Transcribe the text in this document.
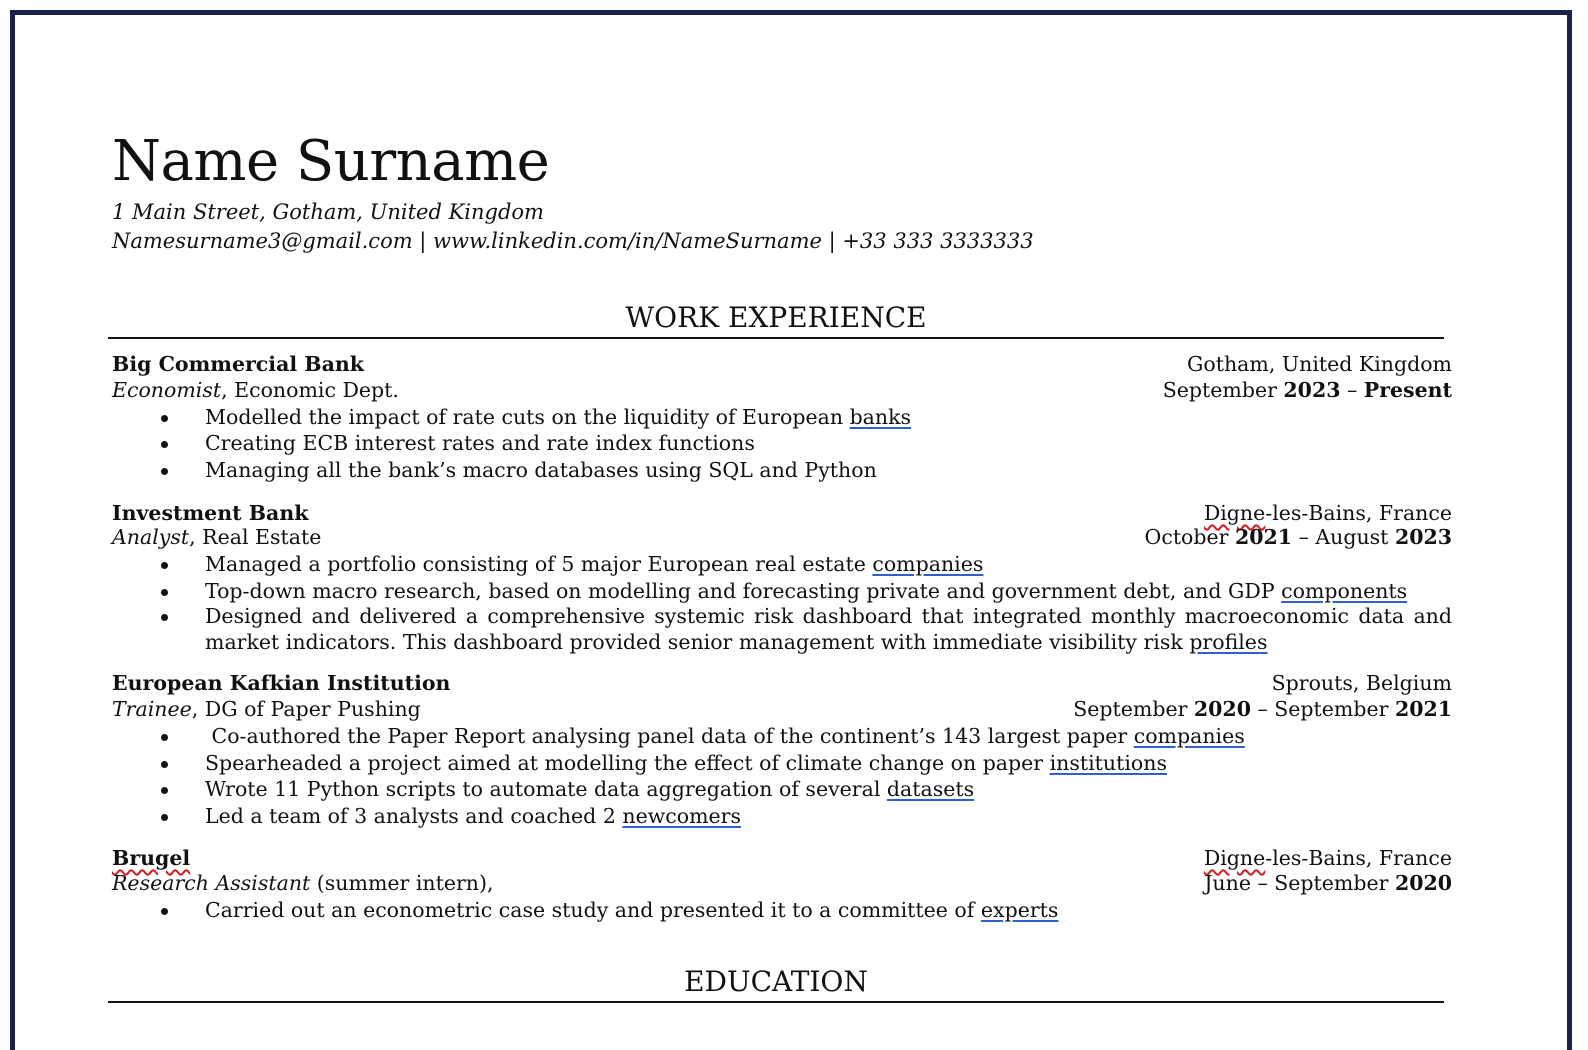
Name Surname
1 Main Street, Gotham, United Kingdom
Namesurname3@gmail.com | www.linkedin.com/in/NameSurname | +33 333 3333333
WORK EXPERIENCE
Big Commercial Bank	Gotham, United Kingdom
Economist, Economic Dept.	September 2023 – Present
Modelled the impact of rate cuts on the liquidity of European banks
Creating ECB interest rates and rate index functions
Managing all the bank’s macro databases using SQL and Python
Investment Bank	Digne-les-Bains, France
Analyst, Real Estate	October 2021 – August 2023
Managed a portfolio consisting of 5 major European real estate companies
Top-down macro research, based on modelling and forecasting private and government debt, and GDP components
Designed and delivered a comprehensive systemic risk dashboard that integrated monthly macroeconomic data and market indicators. This dashboard provided senior management with immediate visibility risk profiles
European Kafkian Institution	Sprouts, Belgium
Trainee, DG of Paper Pushing	September 2020 – September 2021
Co-authored the Paper Report analysing panel data of the continent’s 143 largest paper companies
Spearheaded a project aimed at modelling the effect of climate change on paper institutions
Wrote 11 Python scripts to automate data aggregation of several datasets
Led a team of 3 analysts and coached 2 newcomers
Brugel	Digne-les-Bains, France
Research Assistant (summer intern),	June – September 2020
Carried out an econometric case study and presented it to a committee of experts
EDUCATION
